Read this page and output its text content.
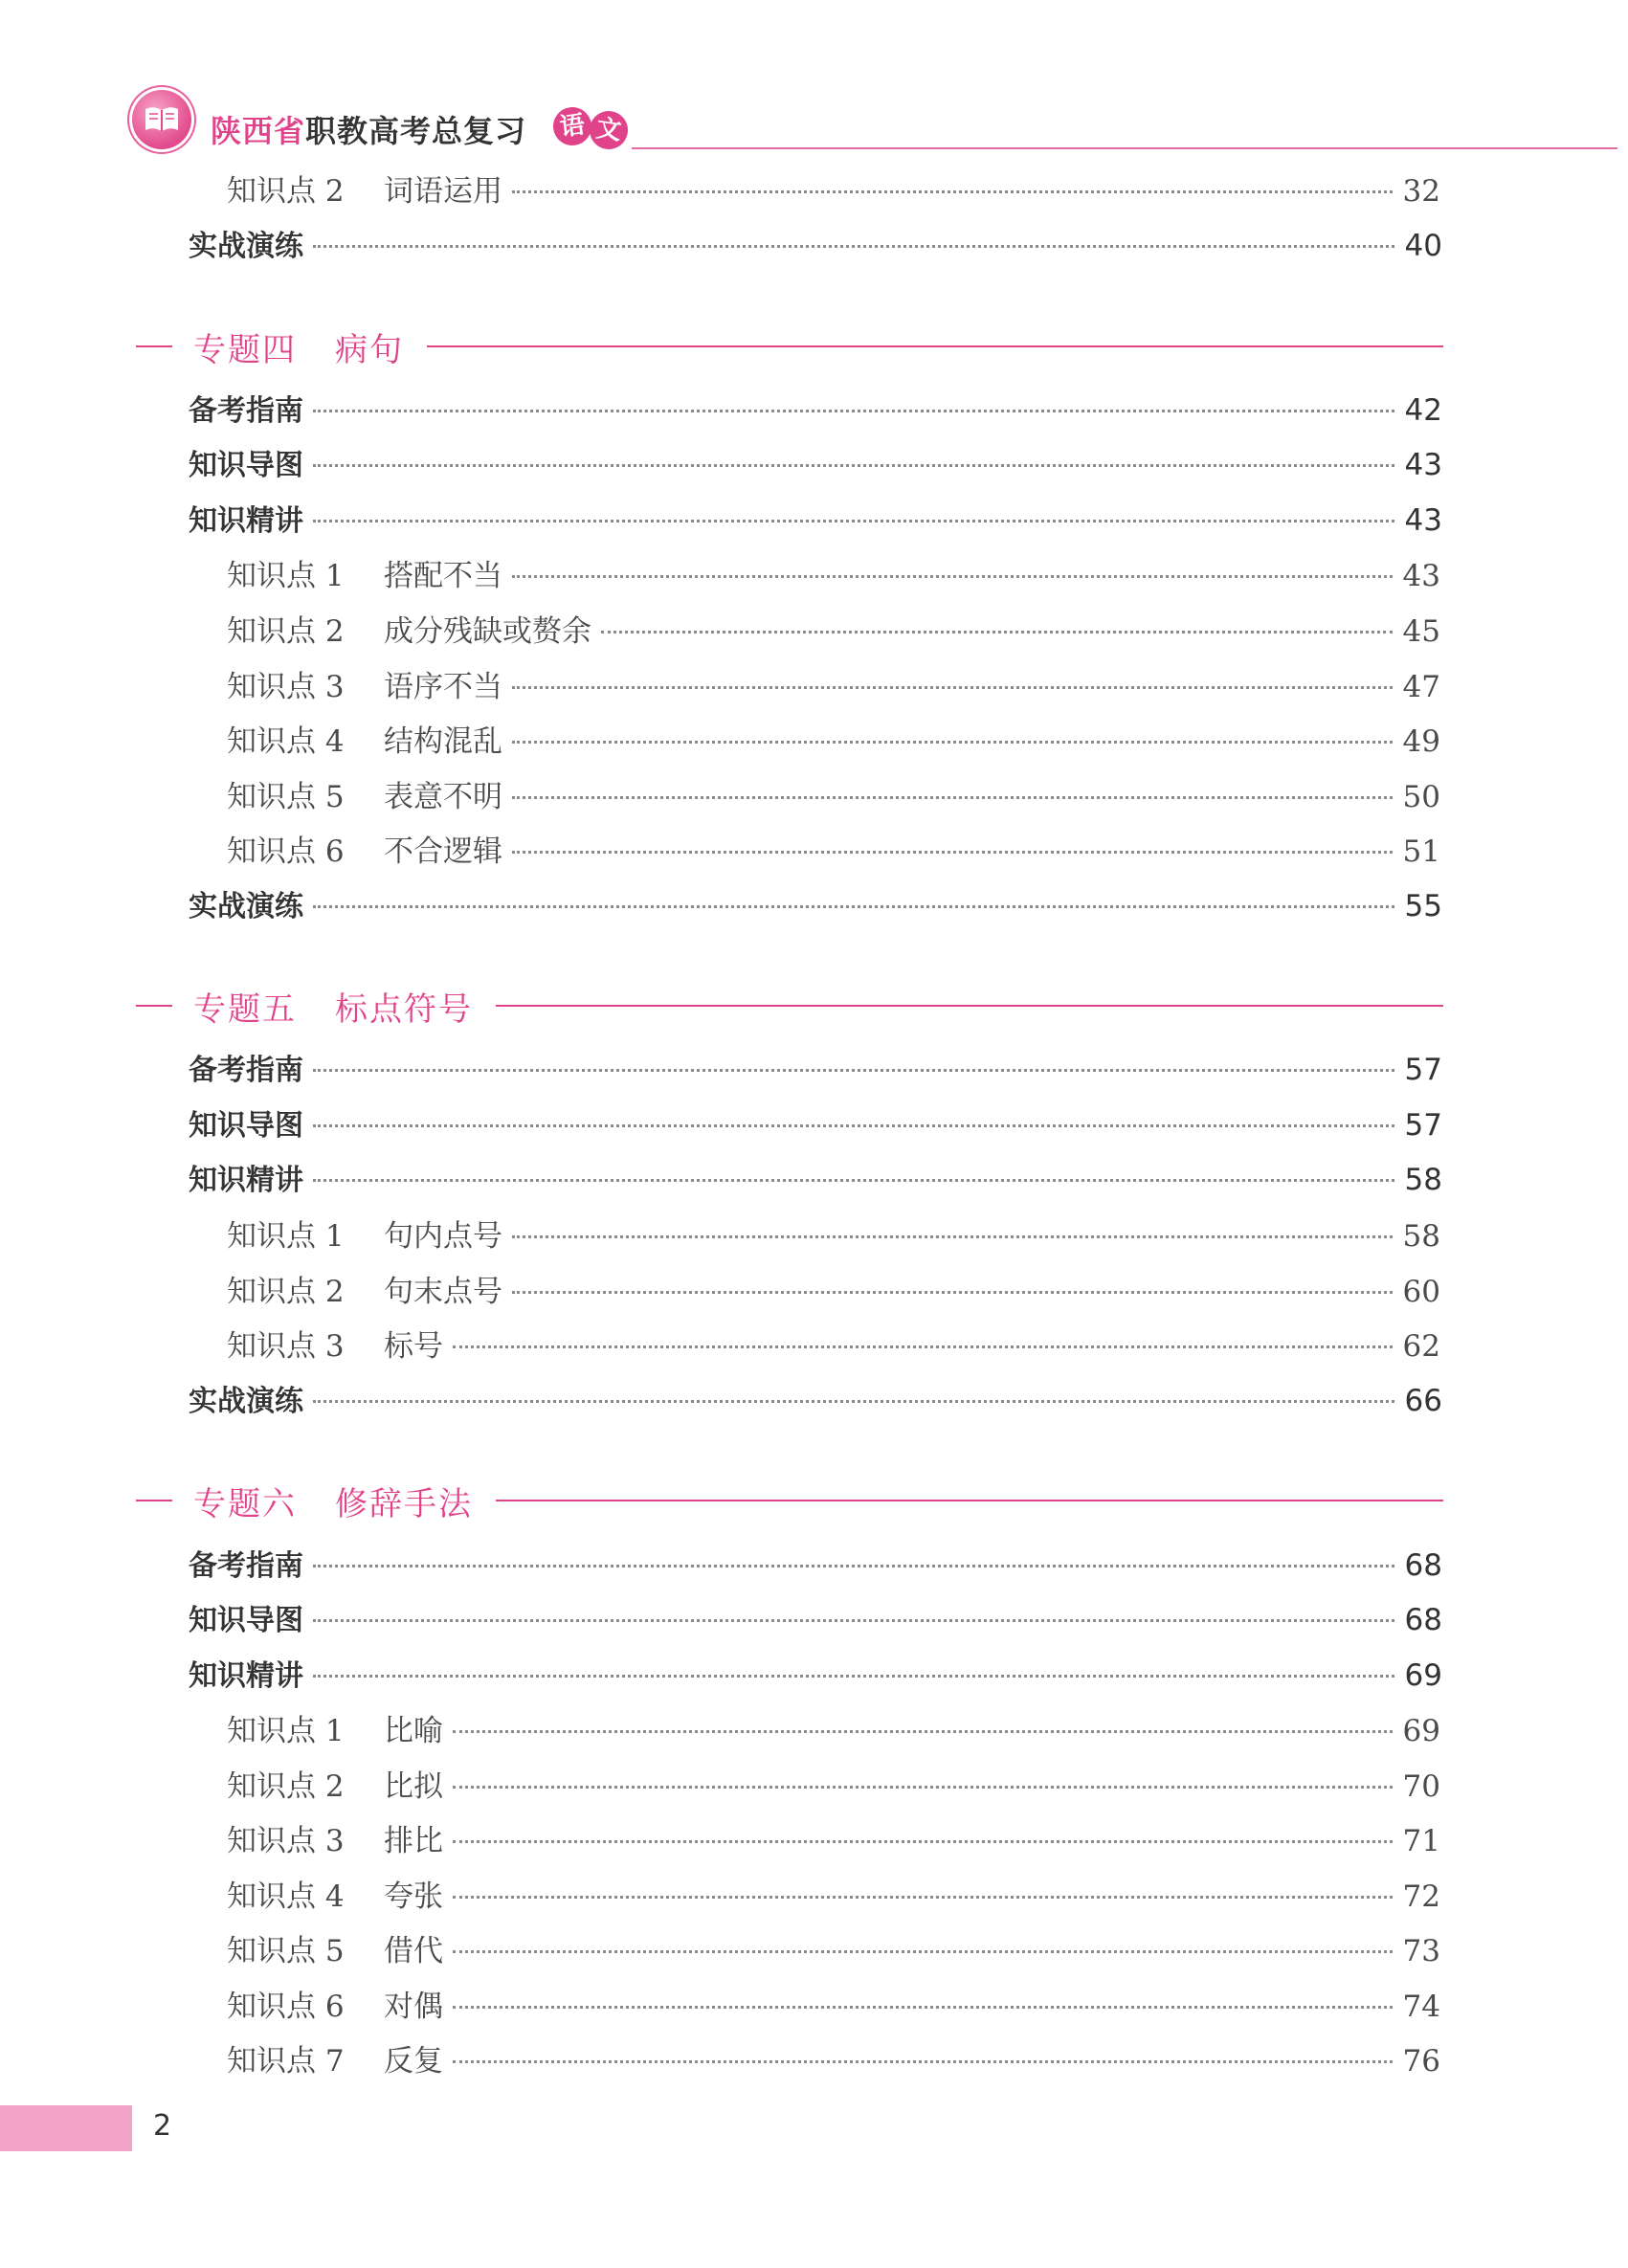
陕西省职教高考总复习 语 文
知识点 2	词语运用	32
实战演练	40
专题四 病句
备考指南	42
知识导图	43
知识精讲	43
知识点 1	搭配不当	43
知识点 2	成分残缺或赘余	45
知识点 3	语序不当	47
知识点 4	结构混乱	49
知识点 5	表意不明	50
知识点 6	不合逻辑	51
实战演练	55
专题五 标点符号
备考指南	57
知识导图	57
知识精讲	58
知识点 1	句内点号	58
知识点 2	句末点号	60
知识点 3	标号	62
实战演练	66
专题六 修辞手法
备考指南	68
知识导图	68
知识精讲	69
知识点 1	比喻	69
知识点 2	比拟	70
知识点 3	排比	71
知识点 4	夸张	72
知识点 5	借代	73
知识点 6	对偶	74
知识点 7	反复	76
2
